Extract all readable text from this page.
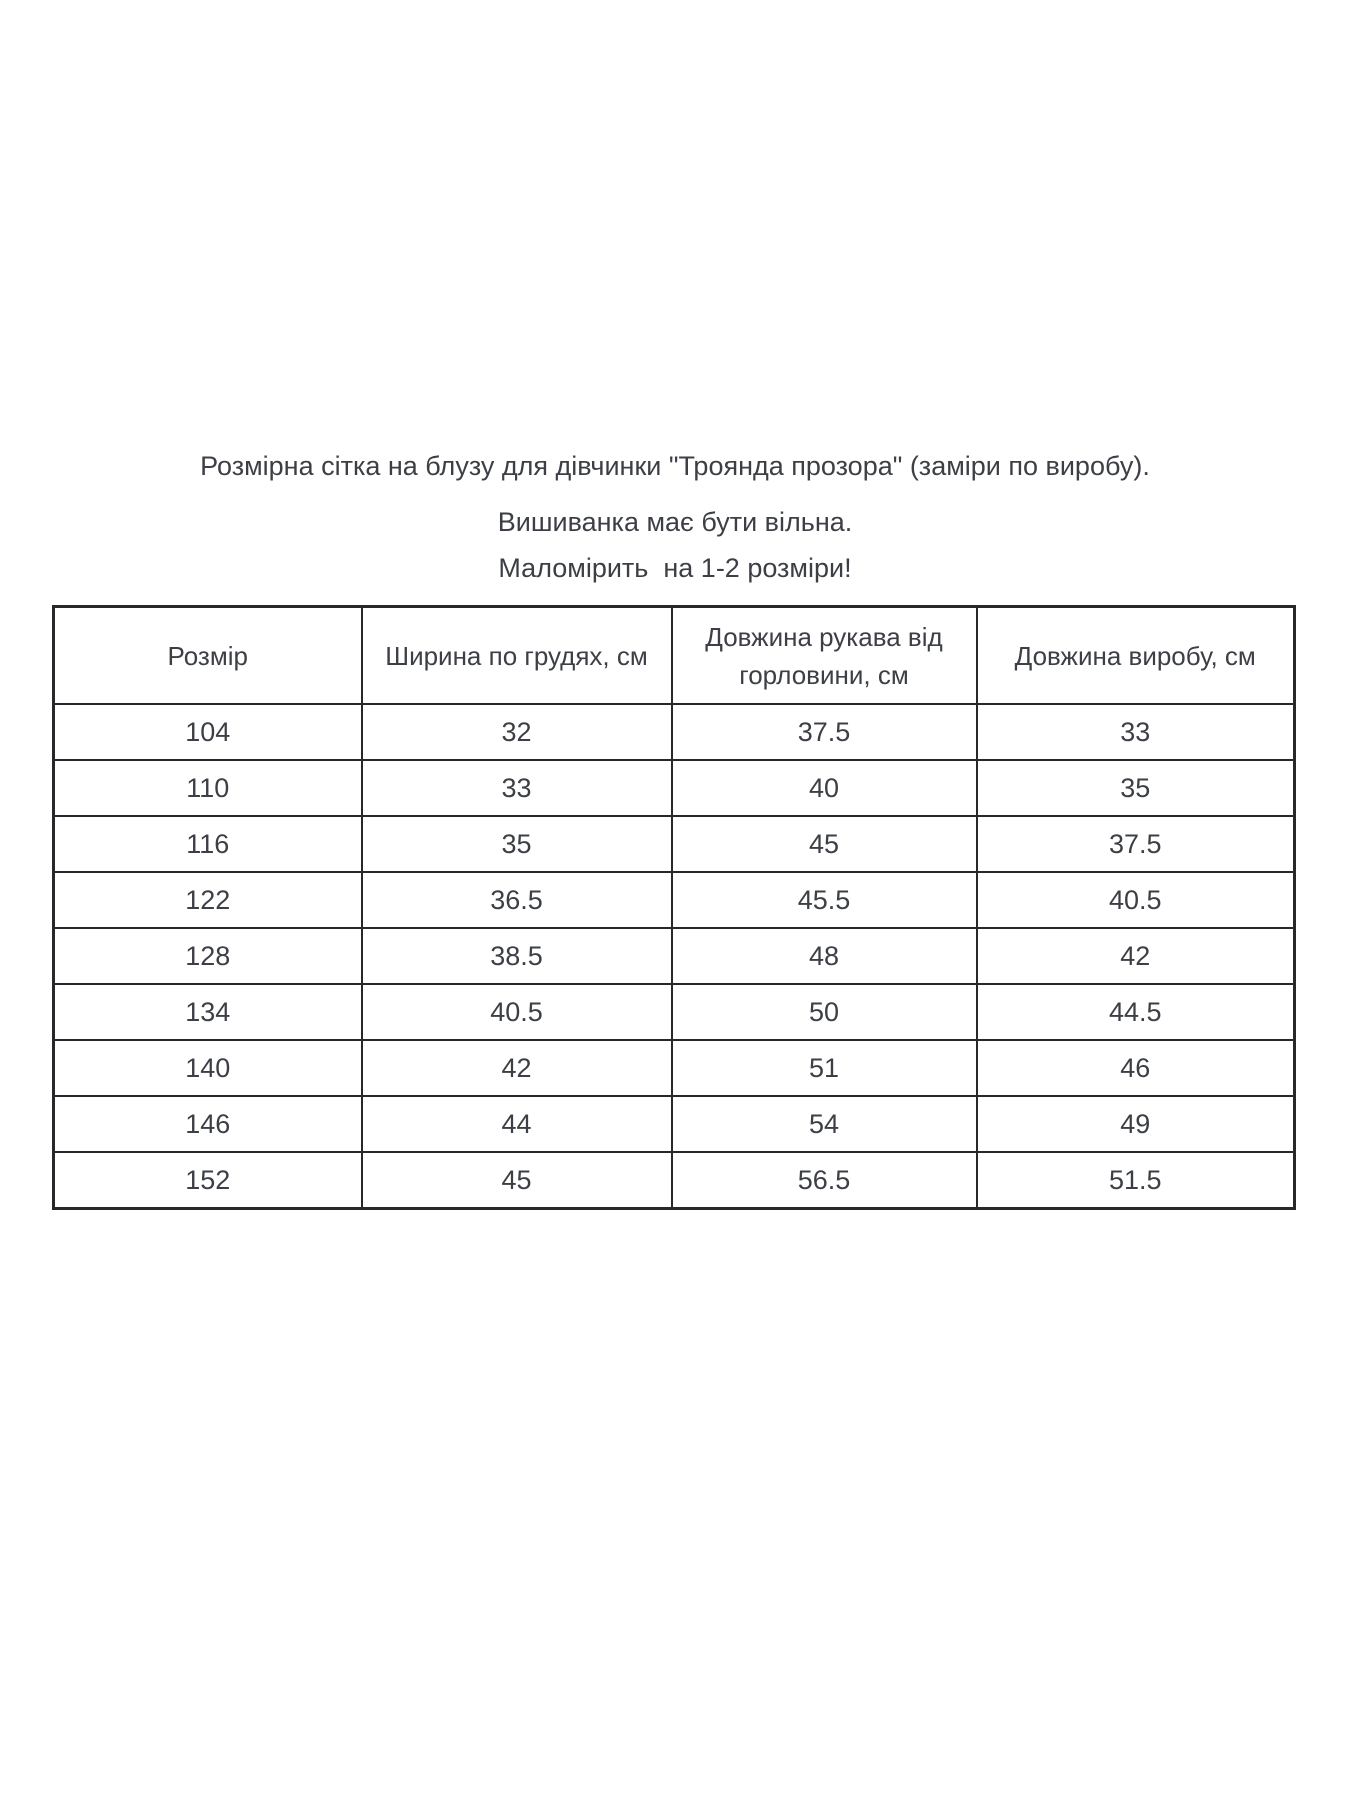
Розмірна сітка на блузу для дівчинки "Троянда прозора" (заміри по виробу).

Вишиванка має бути вільна.

Маломірить  на 1-2 розміри!

Розмір	Ширина по грудях, см	Довжина рукава від горловини, см	Довжина виробу, см
104	32	37.5	33
110	33	40	35
116	35	45	37.5
122	36.5	45.5	40.5
128	38.5	48	42
134	40.5	50	44.5
140	42	51	46
146	44	54	49
152	45	56.5	51.5
